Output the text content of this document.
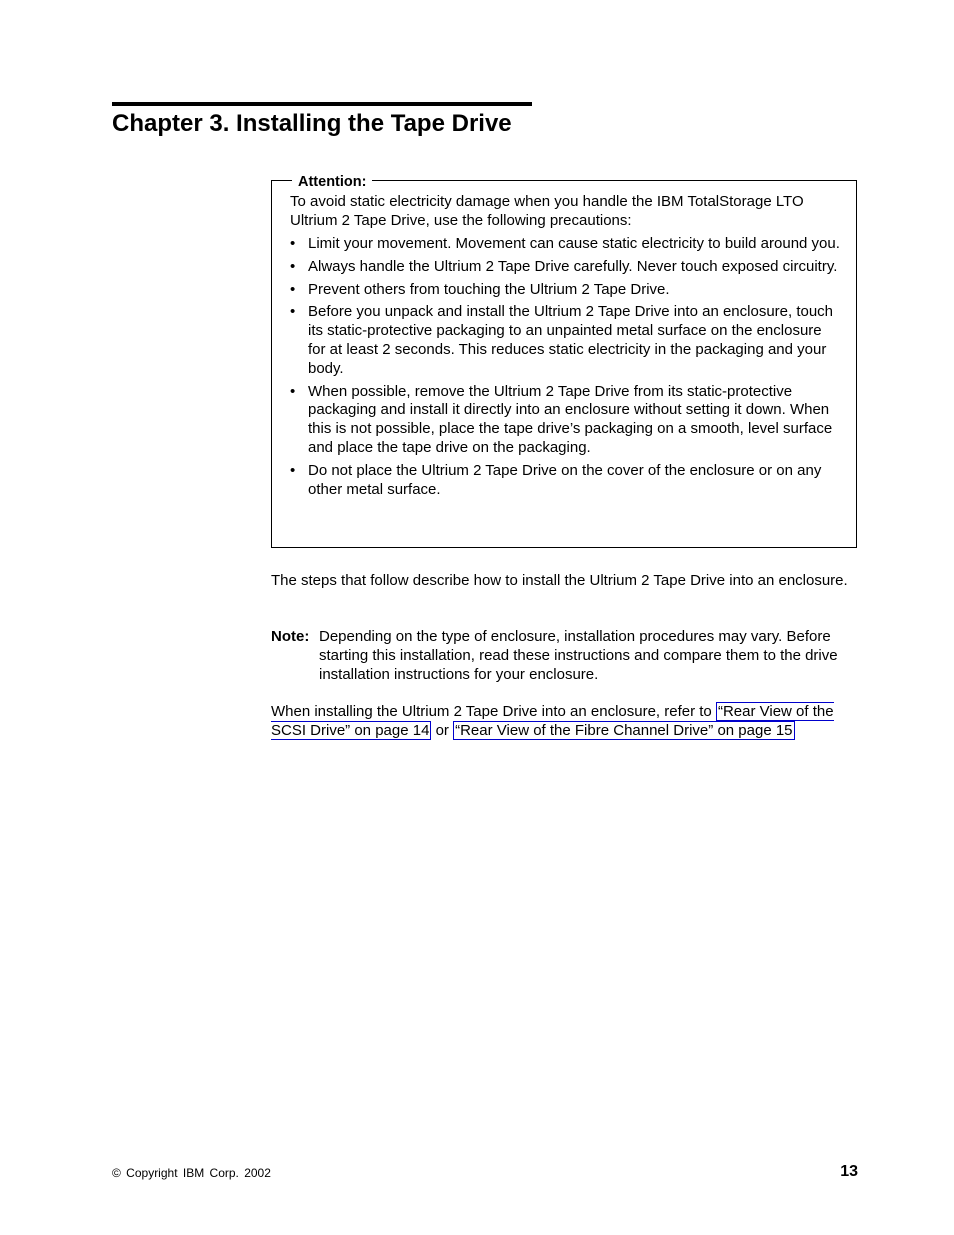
Chapter 3. Installing the Tape Drive
Attention:

To avoid static electricity damage when you handle the IBM TotalStorage LTO Ultrium 2 Tape Drive, use the following precautions:

• Limit your movement. Movement can cause static electricity to build around you.
• Always handle the Ultrium 2 Tape Drive carefully. Never touch exposed circuitry.
• Prevent others from touching the Ultrium 2 Tape Drive.
• Before you unpack and install the Ultrium 2 Tape Drive into an enclosure, touch its static-protective packaging to an unpainted metal surface on the enclosure for at least 2 seconds. This reduces static electricity in the packaging and your body.
• When possible, remove the Ultrium 2 Tape Drive from its static-protective packaging and install it directly into an enclosure without setting it down. When this is not possible, place the tape drive’s packaging on a smooth, level surface and place the tape drive on the packaging.
• Do not place the Ultrium 2 Tape Drive on the cover of the enclosure or on any other metal surface.

The steps that follow describe how to install the Ultrium 2 Tape Drive into an enclosure.

Note: Depending on the type of enclosure, installation procedures may vary. Before starting this installation, read these instructions and compare them to the drive installation instructions for your enclosure.

When installing the Ultrium 2 Tape Drive into an enclosure, refer to “Rear View of the SCSI Drive” on page 14 or “Rear View of the Fibre Channel Drive” on page 15

© Copyright IBM Corp. 2002	13
